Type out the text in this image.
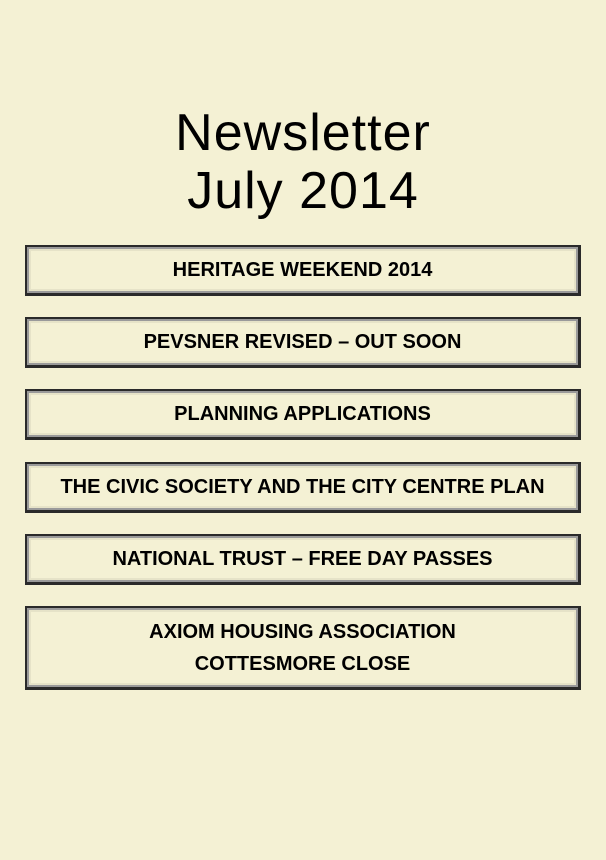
Newsletter
July 2014
HERITAGE WEEKEND 2014
PEVSNER REVISED – OUT SOON
PLANNING APPLICATIONS
THE CIVIC SOCIETY AND THE CITY CENTRE PLAN
NATIONAL TRUST – FREE DAY PASSES
AXIOM HOUSING ASSOCIATION
COTTESMORE CLOSE
